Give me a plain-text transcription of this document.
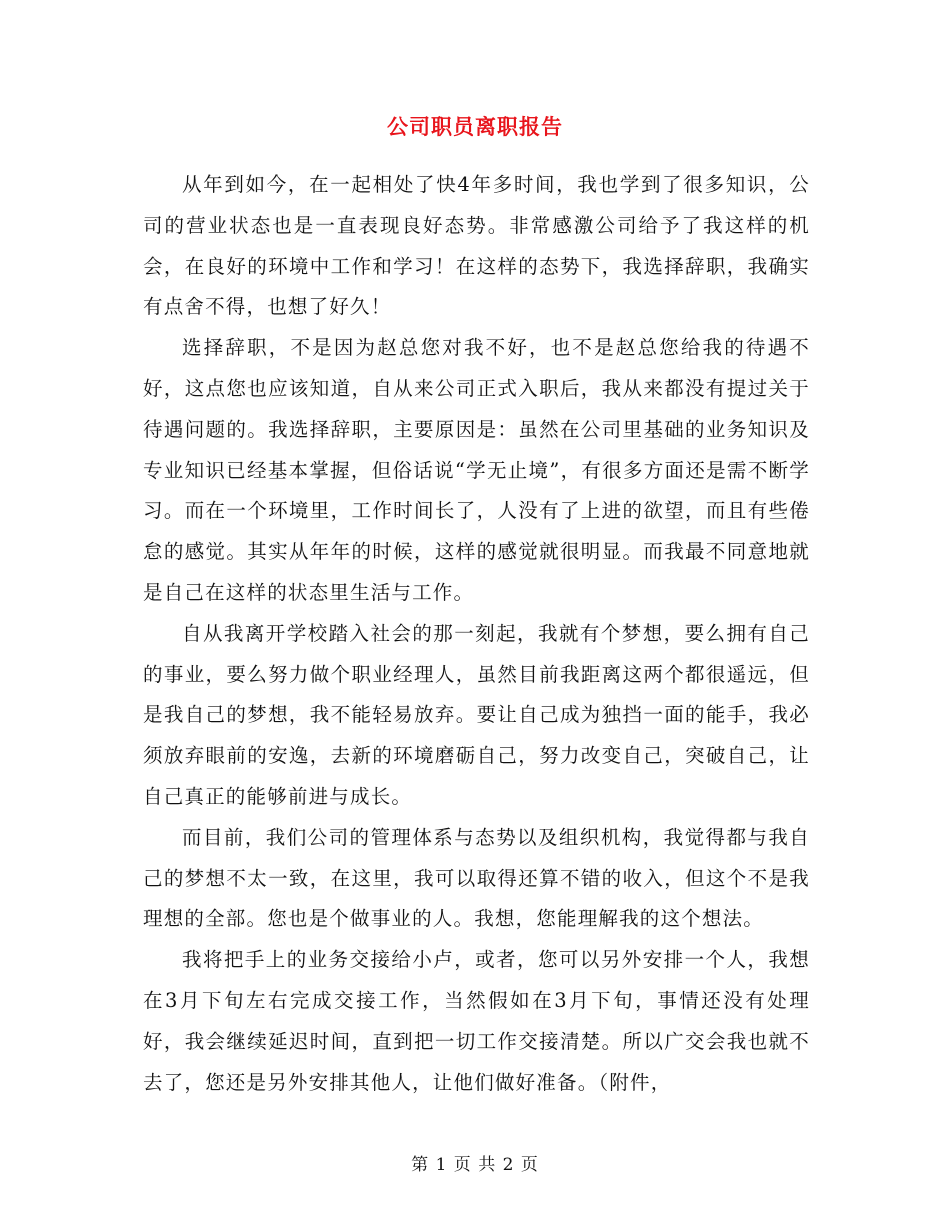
公司职员离职报告

从年到如今，在一起相处了快4年多时间，我也学到了很多知识，公司的营业状态也是一直表现良好态势。非常感激公司给予了我这样的机会，在良好的环境中工作和学习！在这样的态势下，我选择辞职，我确实有点舍不得，也想了好久！

选择辞职，不是因为赵总您对我不好，也不是赵总您给我的待遇不好，这点您也应该知道，自从来公司正式入职后，我从来都没有提过关于待遇问题的。我选择辞职，主要原因是：虽然在公司里基础的业务知识及专业知识已经基本掌握，但俗话说“学无止境”，有很多方面还是需不断学习。而在一个环境里，工作时间长了，人没有了上进的欲望，而且有些倦怠的感觉。其实从年年的时候，这样的感觉就很明显。而我最不同意地就是自己在这样的状态里生活与工作。

自从我离开学校踏入社会的那一刻起，我就有个梦想，要么拥有自己的事业，要么努力做个职业经理人，虽然目前我距离这两个都很遥远，但是我自己的梦想，我不能轻易放弃。要让自己成为独挡一面的能手，我必须放弃眼前的安逸，去新的环境磨砺自己，努力改变自己，突破自己，让自己真正的能够前进与成长。

而目前，我们公司的管理体系与态势以及组织机构，我觉得都与我自己的梦想不太一致，在这里，我可以取得还算不错的收入，但这个不是我理想的全部。您也是个做事业的人。我想，您能理解我的这个想法。

我将把手上的业务交接给小卢，或者，您可以另外安排一个人，我想在3月下旬左右完成交接工作，当然假如在3月下旬，事情还没有处理好，我会继续延迟时间，直到把一切工作交接清楚。所以广交会我也就不去了，您还是另外安排其他人，让他们做好准备。（附件，

第 1 页 共 2 页
